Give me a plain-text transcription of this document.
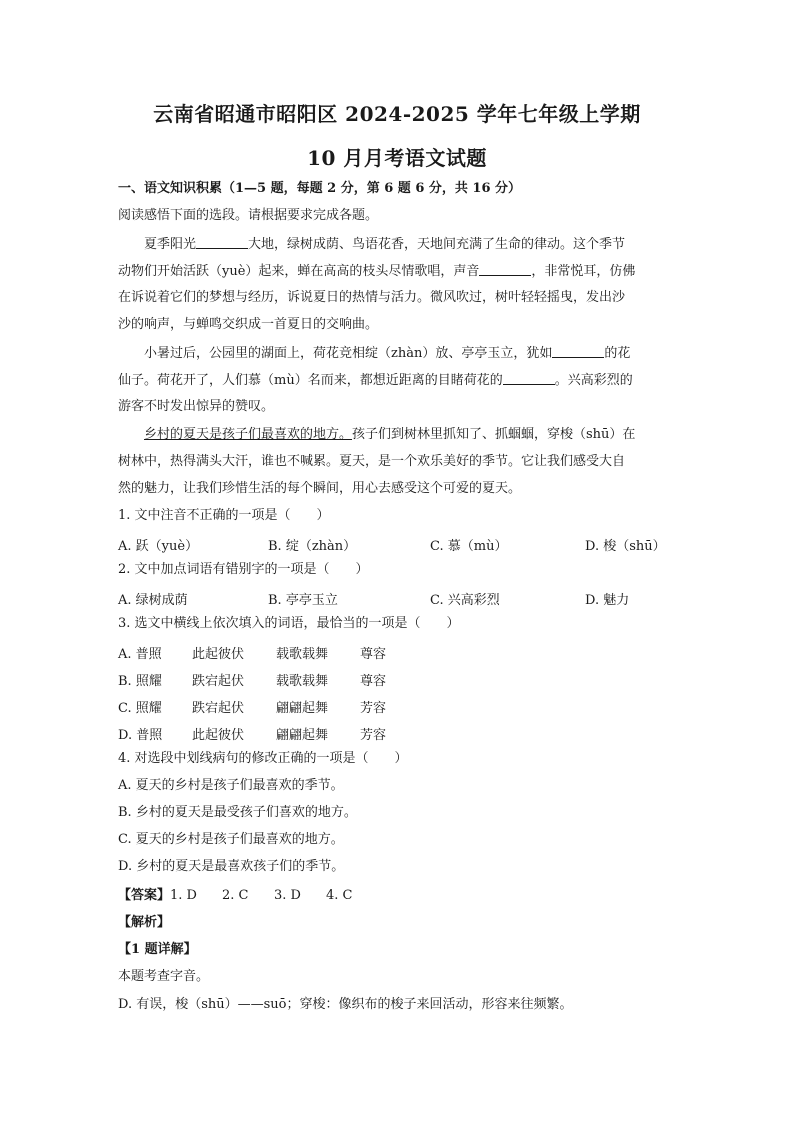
云南省昭通市昭阳区 2024-2025 学年七年级上学期
10 月月考语文试题
一、语文知识积累（1—5 题，每题 2 分，第 6 题 6 分，共 16 分）
阅读感悟下面的选段。请根据要求完成各题。
夏季阳光	大地，绿树成荫、鸟语花香，天地间充满了生命的律动。这个季节
动物们开始活跃（yuè）起来，蝉在高高的枝头尽情歌唱，声音	，非常悦耳，仿佛
在诉说着它们的梦想与经历，诉说夏日的热情与活力。微风吹过，树叶轻轻摇曳，发出沙
沙的响声，与蝉鸣交织成一首夏日的交响曲。
小暑过后，公园里的湖面上，荷花竞相绽（zhàn）放、亭亭玉立，犹如	的花
仙子。荷花开了，人们慕（mù）名而来，都想近距离的目睹荷花的	。兴高彩烈的
游客不时发出惊异的赞叹。
乡村的夏天是孩子们最喜欢的地方。孩子们到树林里抓知了、抓蝈蝈，穿梭（shū）在
树林中，热得满头大汗，谁也不喊累。夏天，是一个欢乐美好的季节。它让我们感受大自
然的魅力，让我们珍惜生活的每个瞬间，用心去感受这个可爱的夏天。
1. 文中注音不正确的一项是（　　）
A. 跃（yuè）	B. 绽（zhàn）	C. 慕（mù）	D. 梭（shū）
2. 文中加点词语有错别字的一项是（　　）
A. 绿树成荫	B. 亭亭玉立	C. 兴高彩烈	D. 魅力
3. 选文中横线上依次填入的词语，最恰当的一项是（　　）
A. 普照 此起彼伏 载歌载舞 尊容
B. 照耀 跌宕起伏 载歌载舞 尊容
C. 照耀 跌宕起伏 翩翩起舞 芳容
D. 普照 此起彼伏 翩翩起舞 芳容
4. 对选段中划线病句的修改正确的一项是（　　）
A. 夏天的乡村是孩子们最喜欢的季节。
B. 乡村的夏天是最受孩子们喜欢的地方。
C. 夏天的乡村是孩子们最喜欢的地方。
D. 乡村的夏天是最喜欢孩子们的季节。
【答案】1. D 2. C 3. D 4. C
【解析】
【1 题详解】
本题考查字音。
D. 有误，梭（shū）——suō；穿梭：像织布的梭子来回活动，形容来往频繁。
